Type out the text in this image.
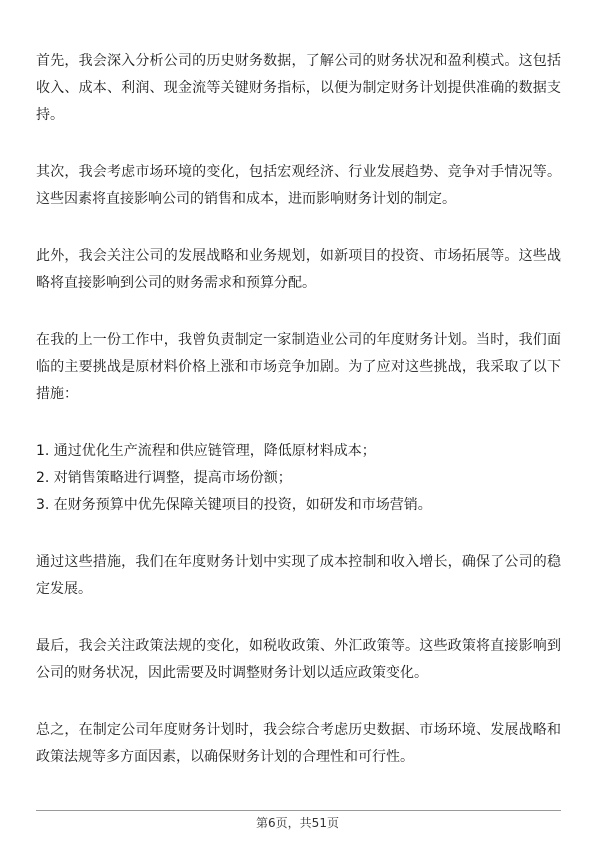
首先，我会深入分析公司的历史财务数据，了解公司的财务状况和盈利模式。这包括收入、成本、利润、现金流等关键财务指标，以便为制定财务计划提供准确的数据支持。

其次，我会考虑市场环境的变化，包括宏观经济、行业发展趋势、竞争对手情况等。这些因素将直接影响公司的销售和成本，进而影响财务计划的制定。

此外，我会关注公司的发展战略和业务规划，如新项目的投资、市场拓展等。这些战略将直接影响到公司的财务需求和预算分配。

在我的上一份工作中，我曾负责制定一家制造业公司的年度财务计划。当时，我们面临的主要挑战是原材料价格上涨和市场竞争加剧。为了应对这些挑战，我采取了以下措施：

1. 通过优化生产流程和供应链管理，降低原材料成本；

2. 对销售策略进行调整，提高市场份额；

3. 在财务预算中优先保障关键项目的投资，如研发和市场营销。

通过这些措施，我们在年度财务计划中实现了成本控制和收入增长，确保了公司的稳定发展。

最后，我会关注政策法规的变化，如税收政策、外汇政策等。这些政策将直接影响到公司的财务状况，因此需要及时调整财务计划以适应政策变化。

总之，在制定公司年度财务计划时，我会综合考虑历史数据、市场环境、发展战略和政策法规等多方面因素，以确保财务计划的合理性和可行性。

第6页，共51页
